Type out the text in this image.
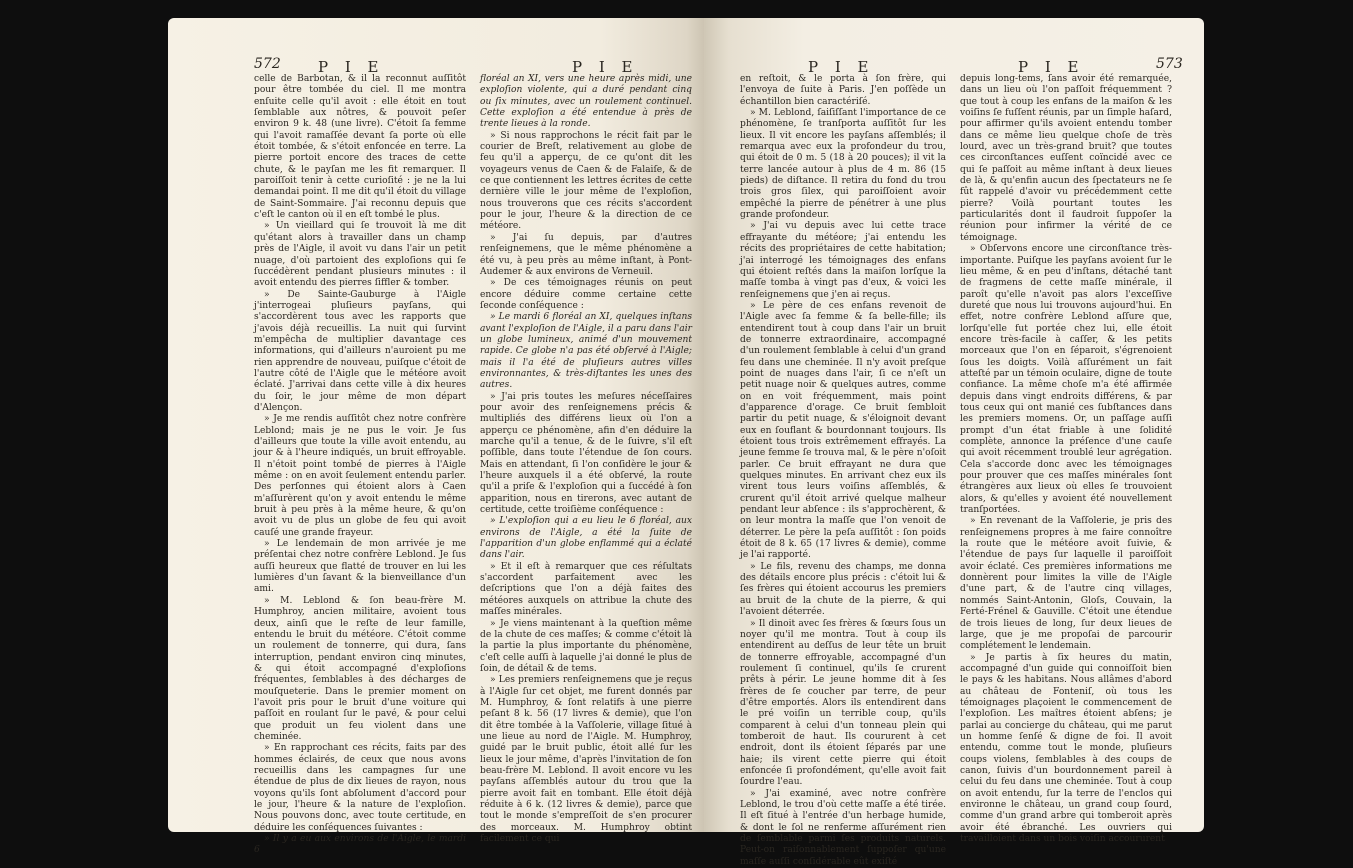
572 P I E	P I E

celle de Barbotan, & il la reconnut auſſitôt pour être tombée du ciel. Il me montra enſuite celle qu'il avoit : elle étoit en tout ſemblable aux nôtres, & pouvoit peſer environ 9 k. 48 (une livre). C'étoit ſa femme qui l'avoit ramaſſée devant ſa porte où elle étoit tombée, & s'étoit enfoncée en terre. La pierre portoit encore des traces de cette chute, & le payſan me les fit remarquer. Il paroiſſoit tenir à cette curioſité : je ne la lui demandai point. Il me dit qu'il étoit du village de Saint-Sommaire. J'ai reconnu depuis que c'eſt le canton où il en eſt tombé le plus.

» Un vieillard qui ſe trouvoit là me dit qu'étant alors à travailler dans un champ près de l'Aigle, il avoit vu dans l'air un petit nuage, d'où partoient des exploſions qui ſe ſuccédèrent pendant plusieurs minutes : il avoit entendu des pierres ſiffler & tomber.

» De Sainte-Gauburge à l'Aigle j'interrogeai pluſieurs payſans, qui s'accordèrent tous avec les rapports que j'avois déjà recueillis. La nuit qui ſurvint m'empêcha de multiplier davantage ces informations, qui d'ailleurs n'auroient pu me rien apprendre de nouveau, puiſque c'étoit de l'autre côté de l'Aigle que le météore avoit éclaté. J'arrivai dans cette ville à dix heures du ſoir, le jour même de mon départ d'Alençon.

» Je me rendis auſſitôt chez notre confrère Leblond; mais je ne pus le voir. Je ſus d'ailleurs que toute la ville avoit entendu, au jour & à l'heure indiqués, un bruit effroyable. Il n'étoit point tombé de pierres à l'Aigle même : on en avoit ſeulement entendu parler. Des perſonnes qui étoient alors à Caen m'aſſurèrent qu'on y avoit entendu le même bruit à peu près à la même heure, & qu'on avoit vu de plus un globe de feu qui avoit cauſé une grande frayeur.

» Le lendemain de mon arrivée je me préſentai chez notre confrère Leblond. Je ſus auſſi heureux que flatté de trouver en lui les lumières d'un ſavant & la bienveillance d'un ami.

» M. Leblond & ſon beau-frère M. Humphroy, ancien militaire, avoient tous deux, ainſi que le reſte de leur famille, entendu le bruit du météore. C'étoit comme un roulement de tonnerre, qui dura, ſans interruption, pendant environ cinq minutes, & qui étoit accompagné d'exploſions fréquentes, ſemblables à des décharges de mouſqueterie. Dans le premier moment on l'avoit pris pour le bruit d'une voiture qui paſſoit en roulant ſur le pavé, & pour celui que produit un feu violent dans une cheminée.

» En rapprochant ces récits, faits par des hommes éclairés, de ceux que nous avons recueillis dans les campagnes ſur une étendue de plus de dix lieues de rayon, nous voyons qu'ils ſont abſolument d'accord pour le jour, l'heure & la nature de l'exploſion. Nous pouvons donc, avec toute certitude, en déduire les conſéquences ſuivantes :

» Il y a eu aux environs de l'Aigle, le mardi 6

floréal an XI, vers une heure après midi, une exploſion violente, qui a duré pendant cinq ou ſix minutes, avec un roulement continuel. Cette exploſion a été entendue à près de trente lieues à la ronde.

» Si nous rapprochons le récit fait par le courier de Breſt, relativement au globe de feu qu'il a apperçu, de ce qu'ont dit les voyageurs venus de Caen & de Falaiſe, & de ce que contiennent les lettres écrites de cette dernière ville le jour même de l'exploſion, nous trouverons que ces récits s'accordent pour le jour, l'heure & la direction de ce météore.

» J'ai ſu depuis, par d'autres renſeignemens, que le même phénomène a été vu, à peu près au même inſtant, à Pont-Audemer & aux environs de Verneuil.

» De ces témoignages réunis on peut encore déduire comme certaine cette ſeconde conſéquence :

» Le mardi 6 floréal an XI, quelques inſtans avant l'exploſion de l'Aigle, il a paru dans l'air un globe lumineux, animé d'un mouvement rapide. Ce globe n'a pas été obſervé à l'Aigle; mais il l'a été de pluſieurs autres villes environnantes, & très-diſtantes les unes des autres.

» J'ai pris toutes les meſures néceſſaires pour avoir des renſeignemens précis & multipliés des différens lieux où l'on a apperçu ce phénomène, afin d'en déduire la marche qu'il a tenue, & de le ſuivre, s'il eſt poſſible, dans toute l'étendue de ſon cours. Mais en attendant, ſi l'on conſidère le jour & l'heure auxquels il a été obſervé, la route qu'il a priſe & l'exploſion qui a ſuccédé à ſon apparition, nous en tirerons, avec autant de certitude, cette troiſième conſéquence :

» L'exploſion qui a eu lieu le 6 floréal, aux environs de l'Aigle, a été la ſuite de l'apparition d'un globe enflammé qui a éclaté dans l'air.

» Et il eſt à remarquer que ces réſultats s'accordent parfaitement avec les deſcriptions que l'on a déjà faites des météores auxquels on attribue la chute des maſſes minérales.

» Je viens maintenant à la queſtion même de la chute de ces maſſes; & comme c'étoit là la partie la plus importante du phénomène, c'eſt celle auſſi à laquelle j'ai donné le plus de ſoin, de détail & de tems.

» Les premiers renſeignemens que je reçus à l'Aigle ſur cet objet, me furent donnés par M. Humphroy, & ſont relatifs à une pierre peſant 8 k. 56 (17 livres & demie), que l'on dit être tombée à la Vaſſolerie, village ſitué à une lieue au nord de l'Aigle. M. Humphroy, guidé par le bruit public, étoit allé ſur les lieux le jour même, d'après l'invitation de ſon beau-frère M. Leblond. Il avoit encore vu les payſans aſſemblés autour du trou que la pierre avoit fait en tombant. Elle étoit déjà réduite à 6 k. (12 livres & demie), parce que tout le monde s'empreſſoit de s'en procurer des morceaux. M. Humphroy obtint facilement ce qui

P I E	P I E	573

en reſtoit, & le porta à ſon frère, qui l'envoya de ſuite à Paris. J'en poſſède un échantillon bien caractériſé.

» M. Leblond, ſaiſiſſant l'importance de ce phénomène, ſe tranſporta auſſitôt ſur les lieux. Il vit encore les payſans aſſemblés; il remarqua avec eux la profondeur du trou, qui étoit de 0 m. 5 (18 à 20 pouces); il vit la terre lancée autour à plus de 4 m. 86 (15 pieds) de diſtance. Il retira du fond du trou trois gros ſilex, qui paroiſſoient avoir empêché la pierre de pénétrer à une plus grande profondeur.

» J'ai vu depuis avec lui cette trace effrayante du météore; j'ai entendu les récits des propriétaires de cette habitation; j'ai interrogé les témoignages des enfans qui étoient reſtés dans la maiſon lorſque la maſſe tomba à vingt pas d'eux, & voici les renſeignemens que j'en ai reçus.

» Le père de ces enfans revenoit de l'Aigle avec ſa femme & ſa belle-fille; ils entendirent tout à coup dans l'air un bruit de tonnerre extraordinaire, accompagné d'un roulement ſemblable à celui d'un grand feu dans une cheminée. Il n'y avoit preſque point de nuages dans l'air, ſi ce n'eſt un petit nuage noir & quelques autres, comme on en voit fréquemment, mais point d'apparence d'orage. Ce bruit ſembloit partir du petit nuage, & s'éloignoit devant eux en ſouflant & bourdonnant toujours. Ils étoient tous trois extrêmement effrayés. La jeune femme ſe trouva mal, & le père n'oſoit parler. Ce bruit effrayant ne dura que quelques minutes. En arrivant chez eux ils virent tous leurs voiſins aſſemblés, & crurent qu'il étoit arrivé quelque malheur pendant leur abſence : ils s'approchèrent, & on leur montra la maſſe que l'on venoit de déterrer. Le père la peſa auſſitôt : ſon poids étoit de 8 k. 65 (17 livres & demie), comme je l'ai rapporté.

» Le fils, revenu des champs, me donna des détails encore plus précis : c'étoit lui & ſes frères qui étoient accourus les premiers au bruit de la chute de la pierre, & qui l'avoient déterrée.

» Il dinoit avec ſes frères & ſœurs ſous un noyer qu'il me montra. Tout à coup ils entendirent au deſſus de leur tête un bruit de tonnerre effroyable, accompagné d'un roulement ſi continuel, qu'ils ſe crurent prêts à périr. Le jeune homme dit à ſes frères de ſe coucher par terre, de peur d'être emportés. Alors ils entendirent dans le pré voiſin un terrible coup, qu'ils comparent à celui d'un tonneau plein qui tomberoit de haut. Ils coururent à cet endroit, dont ils étoient ſéparés par une haie; ils virent cette pierre qui étoit enfoncée ſi profondément, qu'elle avoit fait ſourdre l'eau.

» J'ai examiné, avec notre confrère Leblond, le trou d'où cette maſſe a été tirée. Il eſt ſitué à l'entrée d'un herbage humide, & dont le ſol ne renferme aſſurément rien de ſemblable parmi ſes produits naturels. Peut-on raiſonnablement ſuppoſer qu'une maſſe auſſi conſidérable eût exiſté

depuis long-tems, ſans avoir été remarquée, dans un lieu où l'on paſſoit fréquemment ? que tout à coup les enfans de la maiſon & les voiſins ſe fuſſent réunis, par un ſimple haſard, pour affirmer qu'ils avoient entendu tomber dans ce même lieu quelque choſe de très lourd, avec un très-grand bruit? que toutes ces circonſtances euſſent coïncidé avec ce qui ſe paſſoit au même inſtant à deux lieues de là, & qu'enfin aucun des ſpectateurs ne ſe fût rappelé d'avoir vu précédemment cette pierre? Voilà pourtant toutes les particularités dont il faudroit ſuppoſer la réunion pour infirmer la vérité de ce témoignage.

» Obſervons encore une circonſtance très-importante. Puiſque les payſans avoient ſur le lieu même, & en peu d'inſtans, détaché tant de fragmens de cette maſſe minérale, il paroît qu'elle n'avoit pas alors l'exceſſive dureté que nous lui trouvons aujourd'hui. En effet, notre confrère Leblond aſſure que, lorſqu'elle fut portée chez lui, elle étoit encore très-facile à caſſer, & les petits morceaux que l'on en ſéparoit, s'égrenoient ſous les doigts. Voilà aſſurément un fait atteſté par un témoin oculaire, digne de toute confiance. La même choſe m'a été affirmée depuis dans vingt endroits différens, & par tous ceux qui ont manié ces ſubſtances dans les premiers momens. Or, un paſſage auſſi prompt d'un état friable à une ſolidité complète, annonce la préſence d'une cauſe qui avoit récemment troublé leur agrégation. Cela s'accorde donc avec les témoignages pour prouver que ces maſſes minérales ſont étrangères aux lieux où elles ſe trouvoient alors, & qu'elles y avoient été nouvellement tranſportées.

» En revenant de la Vaſſolerie, je pris des renſeignemens propres à me faire connoître la route que le météore avoit ſuivie, & l'étendue de pays ſur laquelle il paroiſſoit avoir éclaté. Ces premières informations me donnèrent pour limites la ville de l'Aigle d'une part, & de l'autre cinq villages, nommés Saint-Antonin, Gloſs, Couvain, la Ferté-Frénel & Gauville. C'étoit une étendue de trois lieues de long, ſur deux lieues de large, que je me propoſai de parcourir complétement le lendemain.

» Je partis à ſix heures du matin, accompagné d'un guide qui connoiſſoit bien le pays & les habitans. Nous allâmes d'abord au château de Fonteniſ, où tous les témoignages plaçoient le commencement de l'exploſion. Les maîtres étoient abſens; je parlai au concierge du château, qui me parut un homme ſenſé & digne de foi. Il avoit entendu, comme tout le monde, pluſieurs coups violens, ſemblables à des coups de canon, ſuivis d'un bourdonnement pareil à celui du feu dans une cheminée. Tout à coup on avoit entendu, ſur la terre de l'enclos qui environne le château, un grand coup ſourd, comme d'un grand arbre qui tomberoit après avoir été ébranché. Les ouvriers qui travailloient dans un bois voiſin accoururent
